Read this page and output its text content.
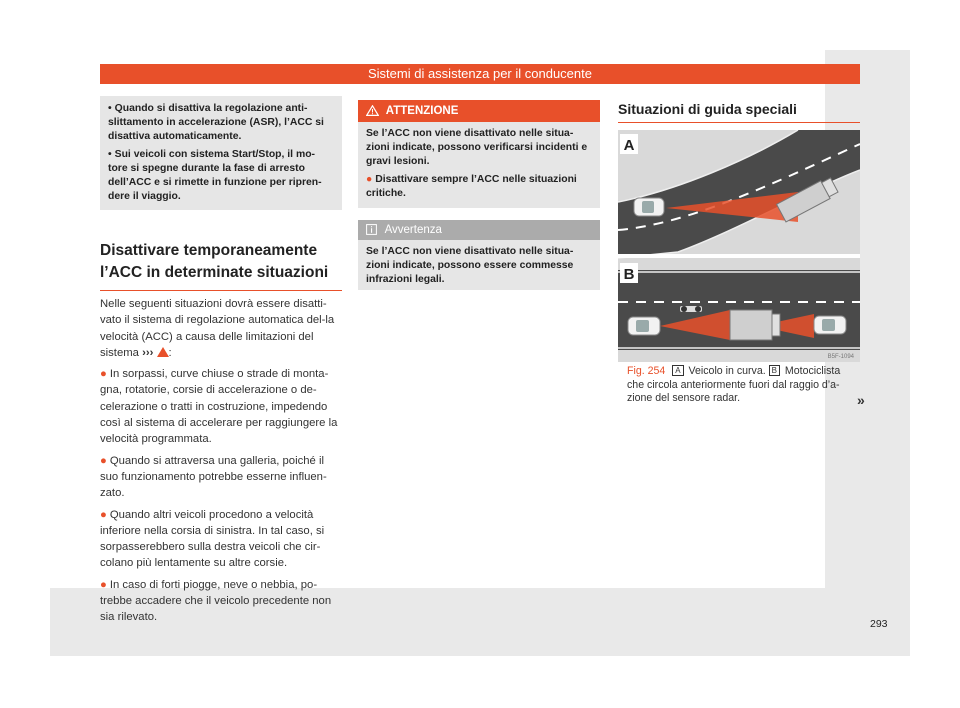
Sistemi di assistenza per il conducente

• Quando si disattiva la regolazione anti-slittamento in accelerazione (ASR), l’ACC si disattiva automaticamente.

• Sui veicoli con sistema Start/Stop, il mo-tore si spegne durante la fase di arresto dell’ACC e si rimette in funzione per ripren-dere il viaggio.

Disattivare temporaneamente l’ACC in determinate situazioni

Nelle seguenti situazioni dovrà essere disatti-vato il sistema di regolazione automatica del-la velocità (ACC) a causa delle limitazioni del sistema ››› :

● In sorpassi, curve chiuse o strade di monta-gna, rotatorie, corsie di accelerazione o de-celerazione o tratti in costruzione, impedendo così al sistema di accelerare per raggiungere la velocità programmata.

● Quando si attraversa una galleria, poiché il suo funzionamento potrebbe esserne influen-zato.

● Quando altri veicoli procedono a velocità inferiore nella corsia di sinistra. In tal caso, si sorpasserebbero sulla destra veicoli che cir-colano più lentamente su altre corsie.

● In caso di forti piogge, neve o nebbia, po-trebbe accadere che il veicolo precedente non sia rilevato.

ATTENZIONE

Se l’ACC non viene disattivato nelle situa-zioni indicate, possono verificarsi incidenti e gravi lesioni.

● Disattivare sempre l’ACC nelle situazioni critiche.

Avvertenza
Se l’ACC non viene disattivato nelle situa-zioni indicate, possono essere commesse infrazioni legali.
Situazioni di guida speciali
A
B
B5F-1094
Fig. 254 A Veicolo in curva. B Motociclista che circola anteriormente fuori dal raggio d’a-zione del sensore radar.	»
293
